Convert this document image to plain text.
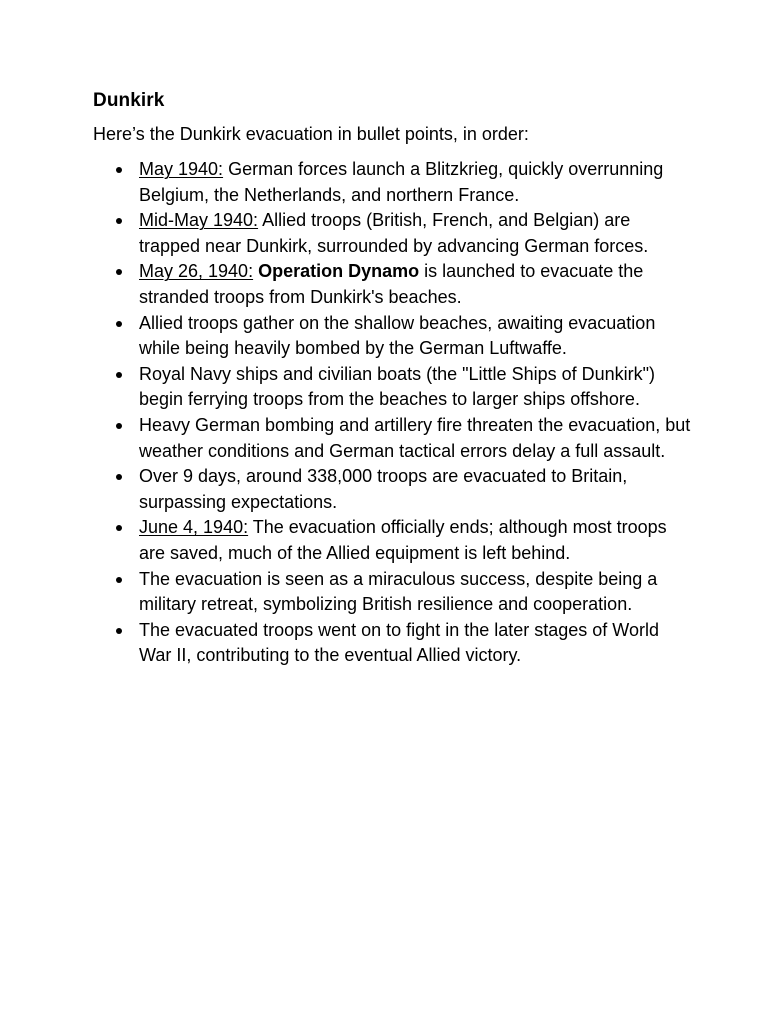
Dunkirk

Here’s the Dunkirk evacuation in bullet points, in order:

May 1940: German forces launch a Blitzkrieg, quickly overrunning Belgium, the Netherlands, and northern France.
Mid-May 1940: Allied troops (British, French, and Belgian) are trapped near Dunkirk, surrounded by advancing German forces.
May 26, 1940: Operation Dynamo is launched to evacuate the stranded troops from Dunkirk's beaches.
Allied troops gather on the shallow beaches, awaiting evacuation while being heavily bombed by the German Luftwaffe.
Royal Navy ships and civilian boats (the "Little Ships of Dunkirk") begin ferrying troops from the beaches to larger ships offshore.
Heavy German bombing and artillery fire threaten the evacuation, but weather conditions and German tactical errors delay a full assault.
Over 9 days, around 338,000 troops are evacuated to Britain, surpassing expectations.
June 4, 1940: The evacuation officially ends; although most troops are saved, much of the Allied equipment is left behind.
The evacuation is seen as a miraculous success, despite being a military retreat, symbolizing British resilience and cooperation.
The evacuated troops went on to fight in the later stages of World War II, contributing to the eventual Allied victory.
